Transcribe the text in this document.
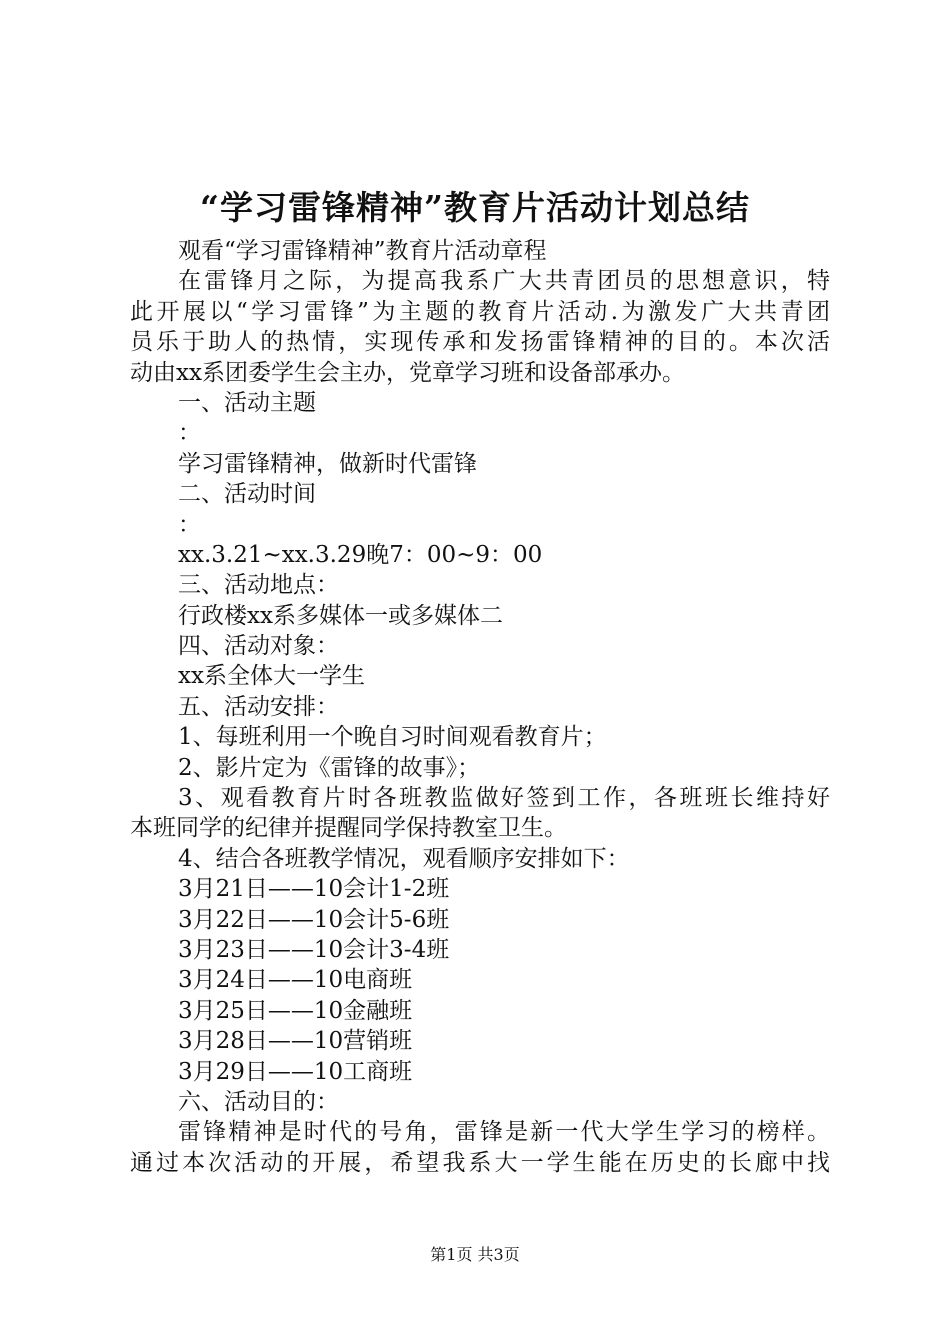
“学习雷锋精神”教育片活动计划总结
观看“学习雷锋精神”教育片活动章程
在雷锋月之际，为提高我系广大共青团员的思想意识，特
此开展以“学习雷锋”为主题的教育片活动.为激发广大共青团
员乐于助人的热情，实现传承和发扬雷锋精神的目的。本次活
动由xx系团委学生会主办，党章学习班和设备部承办。
一、活动主题
：
学习雷锋精神，做新时代雷锋
二、活动时间
：
xx.3.21~xx.3.29晚7：00~9：00
三、活动地点：
行政楼xx系多媒体一或多媒体二
四、活动对象：
xx系全体大一学生
五、活动安排：
1、每班利用一个晚自习时间观看教育片；
2、影片定为《雷锋的故事》；
3、观看教育片时各班教监做好签到工作，各班班长维持好
本班同学的纪律并提醒同学保持教室卫生。
4、结合各班教学情况，观看顺序安排如下：
3月21日——10会计1-2班
3月22日——10会计5-6班
3月23日——10会计3-4班
3月24日——10电商班
3月25日——10金融班
3月28日——10营销班
3月29日——10工商班
六、活动目的：
雷锋精神是时代的号角，雷锋是新一代大学生学习的榜样。
通过本次活动的开展，希望我系大一学生能在历史的长廊中找
第1页 共3页
